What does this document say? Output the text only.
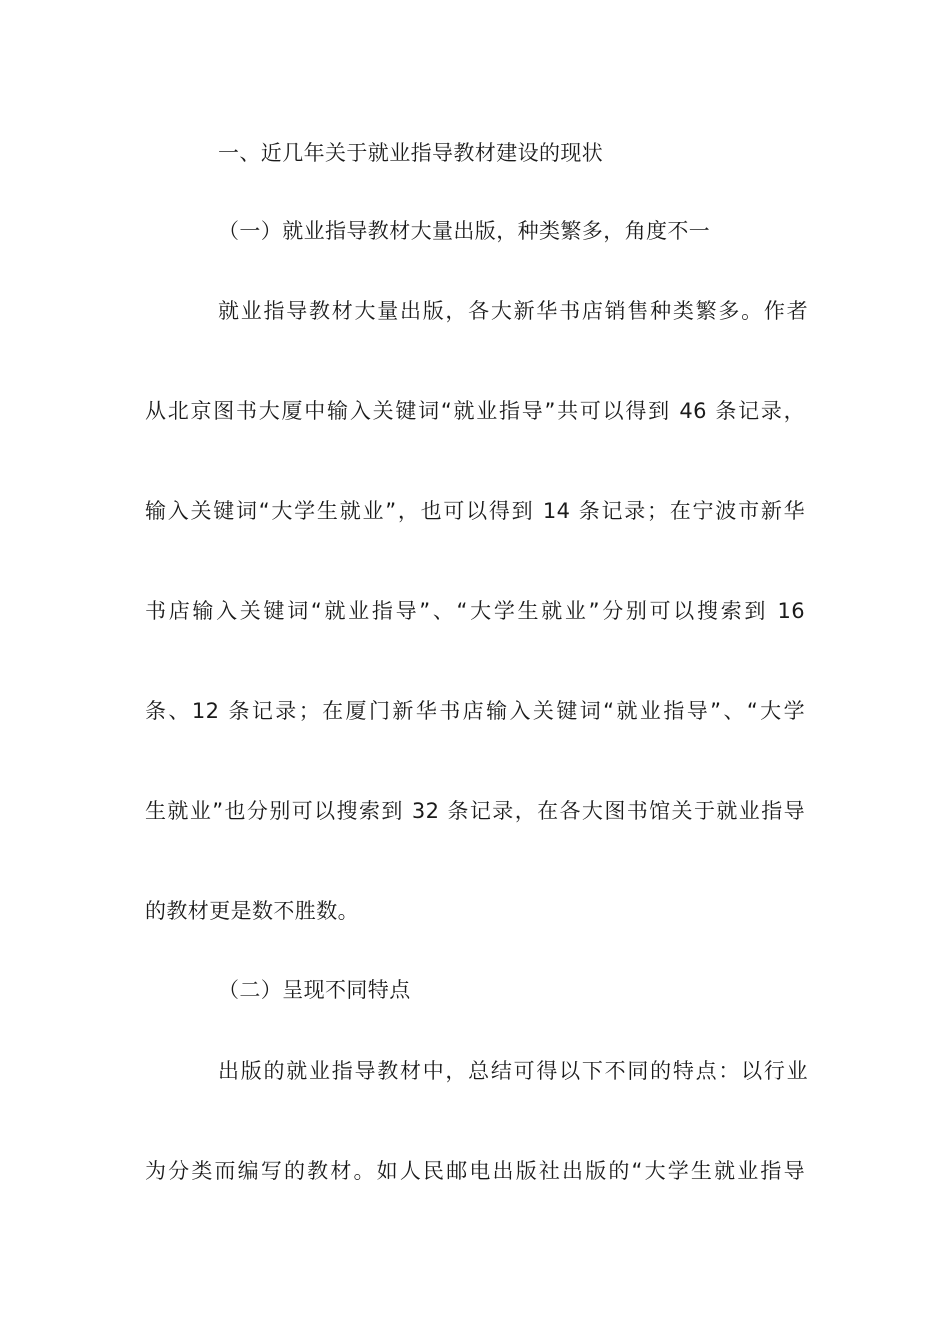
一、近几年关于就业指导教材建设的现状
（一）就业指导教材大量出版，种类繁多，角度不一
就业指导教材大量出版，各大新华书店销售种类繁多。作者
从北京图书大厦中输入关键词“就业指导”共可以得到 46 条记录，
输入关键词“大学生就业”，也可以得到 14 条记录；在宁波市新华
书店输入关键词“就业指导”、“大学生就业”分别可以搜索到 16
条、12 条记录；在厦门新华书店输入关键词“就业指导”、“大学
生就业”也分别可以搜索到 32 条记录，在各大图书馆关于就业指导
的教材更是数不胜数。
（二）呈现不同特点
出版的就业指导教材中，总结可得以下不同的特点：以行业
为分类而编写的教材。如人民邮电出版社出版的“大学生就业指导
